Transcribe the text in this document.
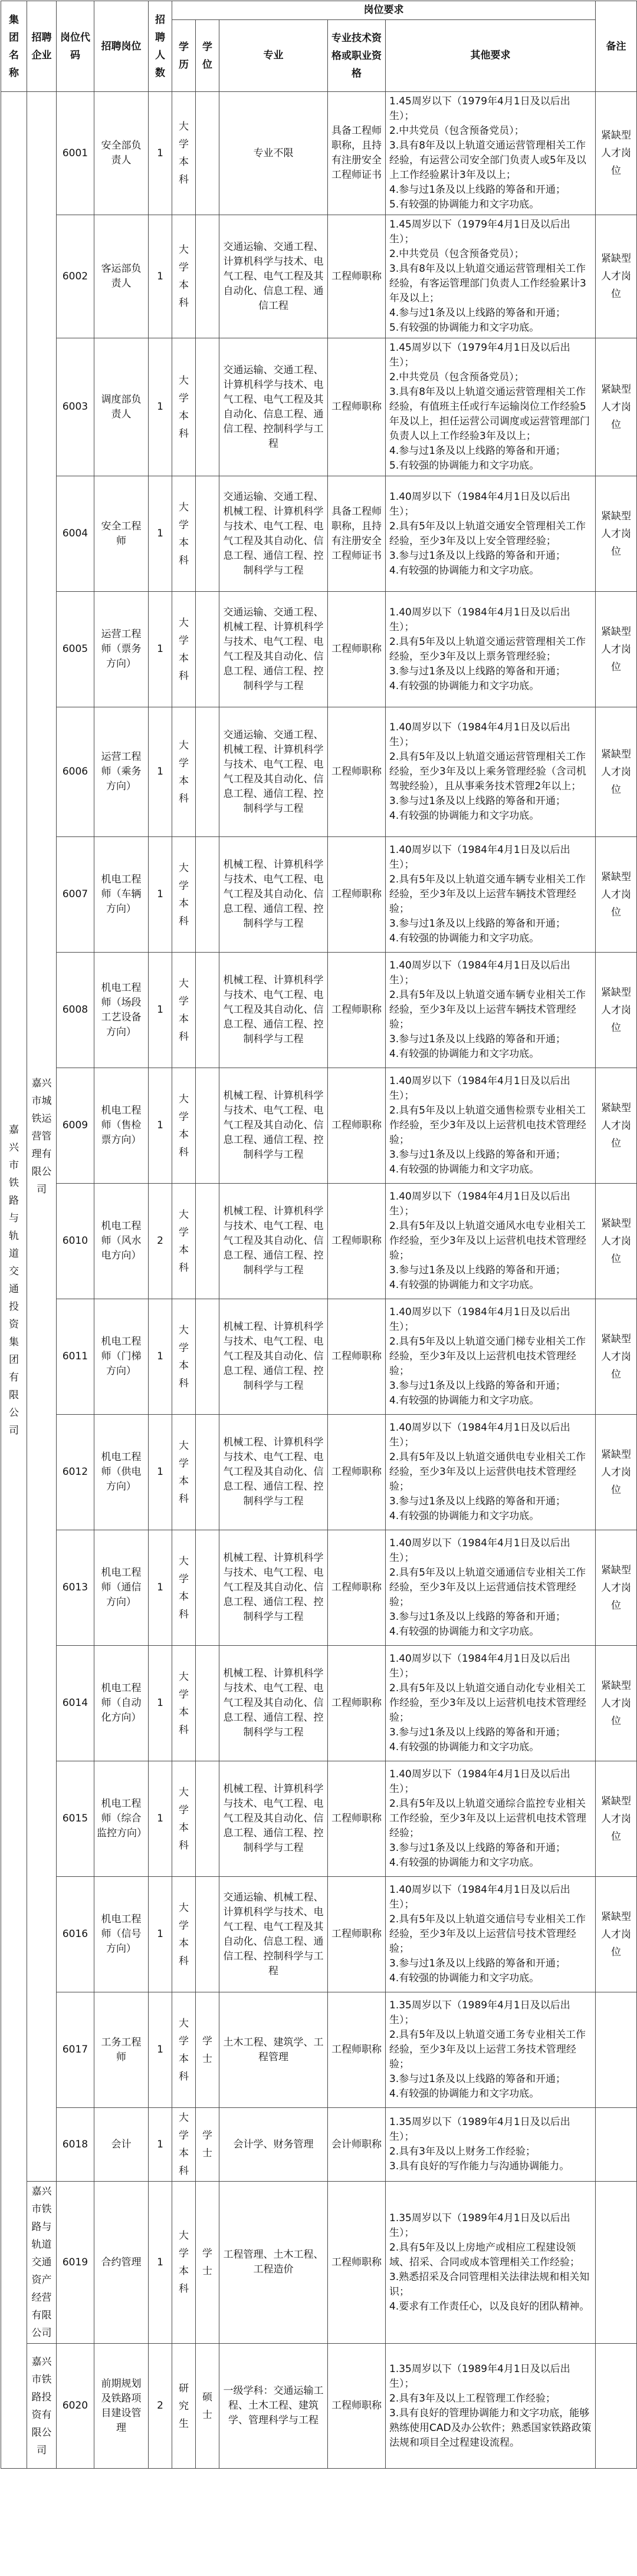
集团名称	招聘企业	岗位代码	招聘岗位	招聘人数	岗位要求					备注
					学历	学位	专业	专业技术资格或职业资格	其他要求	
嘉兴市铁路与轨道交通投资集团有限公司	嘉兴市城铁运营管理有限公司	6001	安全部负责人	1	大学本科		专业不限	具备工程师职称，且持有注册安全工程师证书	1.45周岁以下（1979年4月1日及以后出生）；
2.中共党员（包含预备党员）；
3.具有8年及以上轨道交通运营管理相关工作经验，有运营公司安全部门负责人或5年及以上工作经验累计3年及以上；
4.参与过1条及以上线路的筹备和开通；
5.有较强的协调能力和文字功底。	紧缺型人才岗位
		6002	客运部负责人	1	大学本科		交通运输、交通工程、计算机科学与技术、电气工程、电气工程及其自动化、信息工程、通信工程	工程师职称	1.45周岁以下（1979年4月1日及以后出生）；
2.中共党员（包含预备党员）；
3.具有8年及以上轨道交通运营管理相关工作经验，有客运管理部门负责人工作经验累计3年及以上；
4.参与过1条及以上线路的筹备和开通；
5.有较强的协调能力和文字功底。	紧缺型人才岗位
		6003	调度部负责人	1	大学本科		交通运输、交通工程、计算机科学与技术、电气工程、电气工程及其自动化、信息工程、通信工程、控制科学与工程	工程师职称	1.45周岁以下（1979年4月1日及以后出生）；
2.中共党员（包含预备党员）；
3.具有8年及以上轨道交通运营管理相关工作经验，有值班主任或行车运输岗位工作经验5年及以上，担任运营公司调度或运营管理部门负责人以上工作经验3年及以上；
4.参与过1条及以上线路的筹备和开通；
5.有较强的协调能力和文字功底。	紧缺型人才岗位
		6004	安全工程师	1	大学本科		交通运输、交通工程、机械工程、计算机科学与技术、电气工程、电气工程及其自动化、信息工程、通信工程、控制科学与工程	具备工程师职称，且持有注册安全工程师证书	1.40周岁以下（1984年4月1日及以后出生）；
2.具有5年及以上轨道交通安全管理相关工作经验，至少3年及以上安全管理经验；
3.参与过1条及以上线路的筹备和开通；
4.有较强的协调能力和文字功底。	紧缺型人才岗位
		6005	运营工程师（票务方向）	1	大学本科		交通运输、交通工程、机械工程、计算机科学与技术、电气工程、电气工程及其自动化、信息工程、通信工程、控制科学与工程	工程师职称	1.40周岁以下（1984年4月1日及以后出生）；
2.具有5年及以上轨道交通运营管理相关工作经验，至少3年及以上票务管理经验；
3.参与过1条及以上线路的筹备和开通；
4.有较强的协调能力和文字功底。	紧缺型人才岗位
		6006	运营工程师（乘务方向）	1	大学本科		交通运输、交通工程、机械工程、计算机科学与技术、电气工程、电气工程及其自动化、信息工程、通信工程、控制科学与工程	工程师职称	1.40周岁以下（1984年4月1日及以后出生）；
2.具有5年及以上轨道交通运营管理相关工作经验，至少3年及以上乘务管理经验（含司机驾驶经验），且从事乘务技术管理2年以上；
3.参与过1条及以上线路的筹备和开通；
4.有较强的协调能力和文字功底。	紧缺型人才岗位
		6007	机电工程师（车辆方向）	1	大学本科		机械工程、计算机科学与技术、电气工程、电气工程及其自动化、信息工程、通信工程、控制科学与工程	工程师职称	1.40周岁以下（1984年4月1日及以后出生）；
2.具有5年及以上轨道交通车辆专业相关工作经验，至少3年及以上运营车辆技术管理经验；
3.参与过1条及以上线路的筹备和开通；
4.有较强的协调能力和文字功底。	紧缺型人才岗位
		6008	机电工程师（场段工艺设备方向）	1	大学本科		机械工程、计算机科学与技术、电气工程、电气工程及其自动化、信息工程、通信工程、控制科学与工程	工程师职称	1.40周岁以下（1984年4月1日及以后出生）；
2.具有5年及以上轨道交通车辆专业相关工作经验，至少3年及以上运营车辆技术管理经验；
3.参与过1条及以上线路的筹备和开通；
4.有较强的协调能力和文字功底。	紧缺型人才岗位
		6009	机电工程师（售检票方向）	1	大学本科		机械工程、计算机科学与技术、电气工程、电气工程及其自动化、信息工程、通信工程、控制科学与工程	工程师职称	1.40周岁以下（1984年4月1日及以后出生）；
2.具有5年及以上轨道交通售检票专业相关工作经验，至少3年及以上运营机电技术管理经验；
3.参与过1条及以上线路的筹备和开通；
4.有较强的协调能力和文字功底。	紧缺型人才岗位
		6010	机电工程师（风水电方向）	2	大学本科		机械工程、计算机科学与技术、电气工程、电气工程及其自动化、信息工程、通信工程、控制科学与工程	工程师职称	1.40周岁以下（1984年4月1日及以后出生）；
2.具有5年及以上轨道交通风水电专业相关工作经验，至少3年及以上运营机电技术管理经验；
3.参与过1条及以上线路的筹备和开通；
4.有较强的协调能力和文字功底。	紧缺型人才岗位
		6011	机电工程师（门梯方向）	1	大学本科		机械工程、计算机科学与技术、电气工程、电气工程及其自动化、信息工程、通信工程、控制科学与工程	工程师职称	1.40周岁以下（1984年4月1日及以后出生）；
2.具有5年及以上轨道交通门梯专业相关工作经验，至少3年及以上运营机电技术管理经验；
3.参与过1条及以上线路的筹备和开通；
4.有较强的协调能力和文字功底。	紧缺型人才岗位
		6012	机电工程师（供电方向）	1	大学本科		机械工程、计算机科学与技术、电气工程、电气工程及其自动化、信息工程、通信工程、控制科学与工程	工程师职称	1.40周岁以下（1984年4月1日及以后出生）；
2.具有5年及以上轨道交通供电专业相关工作经验，至少3年及以上运营供电技术管理经验；
3.参与过1条及以上线路的筹备和开通；
4.有较强的协调能力和文字功底。	紧缺型人才岗位
		6013	机电工程师（通信方向）	1	大学本科		机械工程、计算机科学与技术、电气工程、电气工程及其自动化、信息工程、通信工程、控制科学与工程	工程师职称	1.40周岁以下（1984年4月1日及以后出生）；
2.具有5年及以上轨道交通通信专业相关工作经验，至少3年及以上运营通信技术管理经验；
3.参与过1条及以上线路的筹备和开通；
4.有较强的协调能力和文字功底。	紧缺型人才岗位
		6014	机电工程师（自动化方向）	1	大学本科		机械工程、计算机科学与技术、电气工程、电气工程及其自动化、信息工程、通信工程、控制科学与工程	工程师职称	1.40周岁以下（1984年4月1日及以后出生）；
2.具有5年及以上轨道交通自动化专业相关工作经验，至少3年及以上运营机电技术管理经验；
3.参与过1条及以上线路的筹备和开通；
4.有较强的协调能力和文字功底。	紧缺型人才岗位
		6015	机电工程师（综合监控方向）	1	大学本科		机械工程、计算机科学与技术、电气工程、电气工程及其自动化、信息工程、通信工程、控制科学与工程	工程师职称	1.40周岁以下（1984年4月1日及以后出生）；
2.具有5年及以上轨道交通综合监控专业相关工作经验，至少3年及以上运营机电技术管理经验；
3.参与过1条及以上线路的筹备和开通；
4.有较强的协调能力和文字功底。	紧缺型人才岗位
		6016	机电工程师（信号方向）	1	大学本科		交通运输、机械工程、计算机科学与技术、电气工程、电气工程及其自动化、信息工程、通信工程、控制科学与工程	工程师职称	1.40周岁以下（1984年4月1日及以后出生）；
2.具有5年及以上轨道交通信号专业相关工作经验，至少3年及以上运营信号技术管理经验；
3.参与过1条及以上线路的筹备和开通；
4.有较强的协调能力和文字功底。	紧缺型人才岗位
		6017	工务工程师	1	大学本科	学士	土木工程、建筑学、工程管理	工程师职称	1.35周岁以下（1989年4月1日及以后出生）；
2.具有5年及以上轨道交通工务专业相关工作经验，至少3年及以上运营工务技术管理经验；
3.参与过1条及以上线路的筹备和开通；
4.有较强的协调能力和文字功底。	

		6018	会计	1	大学本科	学士	会计学、财务管理	会计师职称	1.35周岁以下（1989年4月1日及以后出生）；
2.具有3年及以上财务工作经验；
3.具有良好的写作能力与沟通协调能力。	

	嘉兴市铁路与轨道交通资产经营有限公司	6019	合约管理	1	大学本科	学士	工程管理、土木工程、工程造价	工程师职称	1.35周岁以下（1989年4月1日及以后出生）；
2.具有5年及以上房地产或相应工程建设领域、招采、合同或成本管理相关工作经验；
3.熟悉招采及合同管理相关法律法规和相关知识；
4.要求有工作责任心，以及良好的团队精神。	

	嘉兴市铁路投资有限公司	6020	前期规划及铁路项目建设管理	2	研究生	硕士	一级学科：交通运输工程、土木工程、建筑学、管理科学与工程	工程师职称	1.35周岁以下（1989年4月1日及以后出生）；
2.具有3年及以上工程管理工作经验；
3.具有良好的管理协调能力和文字功底，能够熟练使用CAD及办公软件；熟悉国家铁路政策法规和项目全过程建设流程。	
